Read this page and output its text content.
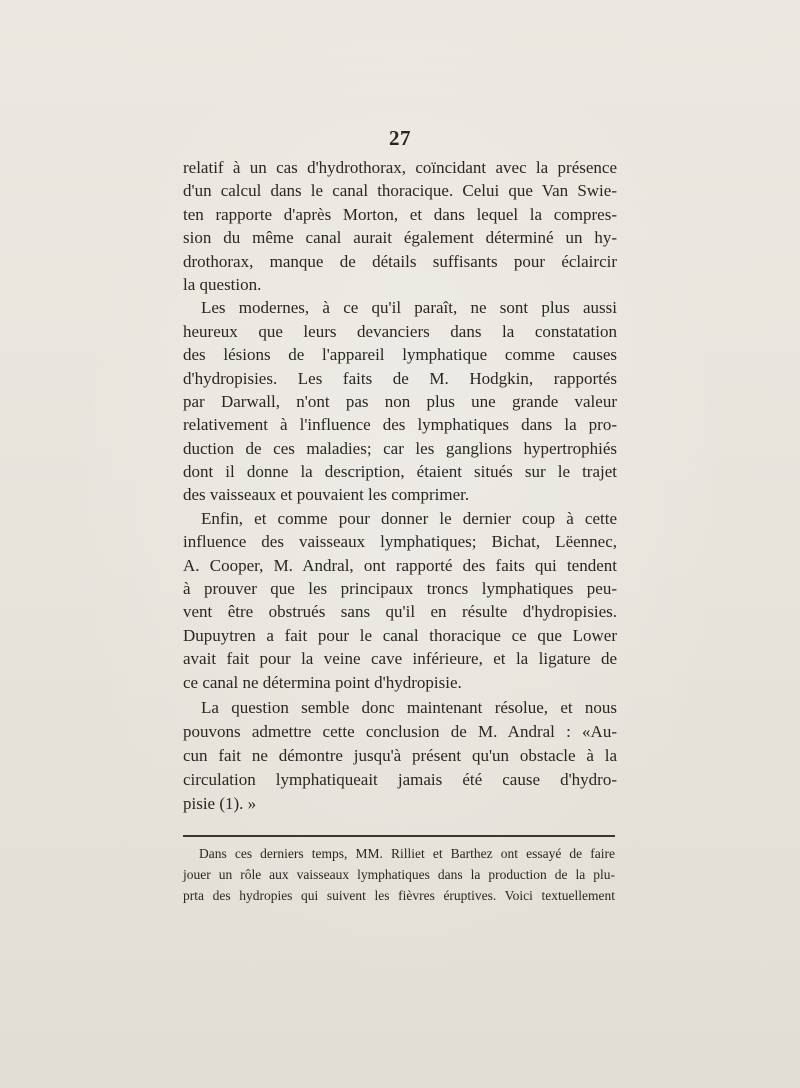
27
relatif à un cas d'hydrothorax, coïncidant avec la présence
d'un calcul dans le canal thoracique. Celui que Van Swie-
ten rapporte d'après Morton, et dans lequel la compres-
sion du même canal aurait également déterminé un hy-
drothorax, manque de détails suffisants pour éclaircir
la question.
Les modernes, à ce qu'il paraît, ne sont plus aussi
heureux que leurs devanciers dans la constatation
des lésions de l'appareil lymphatique comme causes
d'hydropisies. Les faits de M. Hodgkin, rapportés
par Darwall, n'ont pas non plus une grande valeur
relativement à l'influence des lymphatiques dans la pro-
duction de ces maladies; car les ganglions hypertrophiés
dont il donne la description, étaient situés sur le trajet
des vaisseaux et pouvaient les comprimer.
Enfin, et comme pour donner le dernier coup à cette
influence des vaisseaux lymphatiques; Bichat, Lëennec,
A. Cooper, M. Andral, ont rapporté des faits qui tendent
à prouver que les principaux troncs lymphatiques peu-
vent être obstrués sans qu'il en résulte d'hydropisies.
Dupuytren a fait pour le canal thoracique ce que Lower
avait fait pour la veine cave inférieure, et la ligature de
ce canal ne détermina point d'hydropisie.
La question semble donc maintenant résolue, et nous
pouvons admettre cette conclusion de M. Andral : «Au-
cun fait ne démontre jusqu'à présent qu'un obstacle à la
circulation lymphatiqueait jamais été cause d'hydro-
pisie (1). »
Dans ces derniers temps, MM. Rilliet et Barthez ont essayé de faire
jouer un rôle aux vaisseaux lymphatiques dans la production de la plu-
prta des hydropies qui suivent les fièvres éruptives. Voici textuellement
